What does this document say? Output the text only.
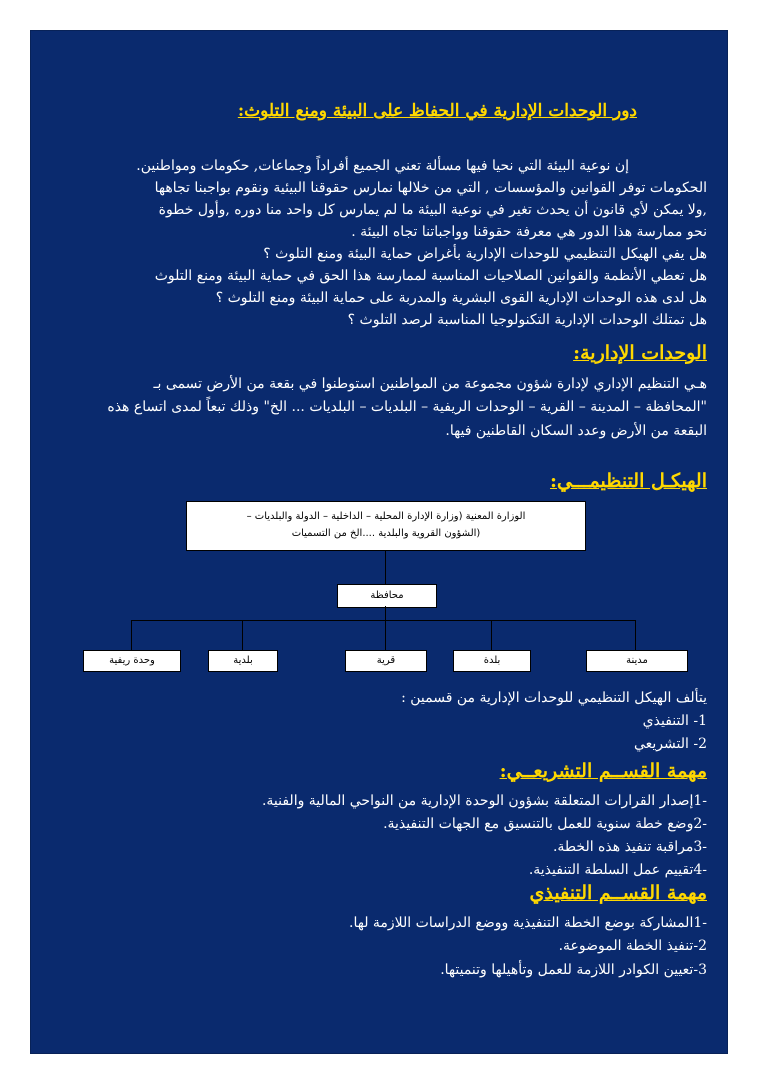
دور الوحدات الإدارية في الحفاظ على البيئة ومنع التلوث:
إن نوعية البيئة التي نحيا فيها مسألة تعني الجميع أفراداً وجماعات, حكومات ومواطنين.
الحكومات توفر القوانين والمؤسسات , التي من خلالها نمارس حقوقنا البيئية ونقوم بواجبنا تجاهها
,ولا يمكن لأي قانون أن يحدث تغير في نوعية البيئة ما لم يمارس كل واحد منا دوره ,وأول خطوة
نحو ممارسة هذا الدور هي معرفة حقوقنا وواجباتنا تجاه البيئة .
هل يفي الهيكل التنظيمي للوحدات الإدارية بأغراض حماية البيئة ومنع التلوث ؟
هل تعطي الأنظمة والقوانين الصلاحيات المناسبة لممارسة هذا الحق في حماية البيئة ومنع التلوث
هل لدى هذه الوحدات الإدارية القوى البشرية والمدربة على حماية البيئة ومنع التلوث ؟
هل تمتلك الوحدات الإدارية التكنولوجيا المناسبة لرصد التلوث ؟
الوحدات الإدارية:
هـي التنظيم الإداري لإدارة شؤون مجموعة من المواطنين استوطنوا في بقعة من الأرض تسمى بـ
"المحافظة – المدينة – القرية – الوحدات الريفية – البلديات – البلديات ... الخ" وذلك تبعاً لمدى اتساع هذه
البقعة من الأرض وعدد السكان القاطنين فيها.
الهيكـل التنظيمـــي:
الوزارة المعنية (وزارة الإدارة المحلية – الداخلية – الدولة والبلديات –
(الشؤون القروية والبلدية ....الخ من التسميات
محافظة
مدينة
بلدة
قرية
بلدية
وحدة ريفية
يتألف الهيكل التنظيمي للوحدات الإدارية من قسمين :
1- التنفيذي
2- التشريعي
مهمة القســم التشريعــي:
-1إصدار القرارات المتعلقة بشؤون الوحدة الإدارية من النواحي المالية والفنية.
-2وضع خطة سنوية للعمل بالتنسيق مع الجهات التنفيذية.
-3مراقبة تنفيذ هذه الخطة.
-4تقييم عمل السلطة التنفيذية.
مهمة القســم التنفيذي
-1المشاركة بوضع الخطة التنفيذية ووضع الدراسات اللازمة لها.
2-تنفيذ الخطة الموضوعة.
3-تعيين الكوادر اللازمة للعمل وتأهيلها وتنميتها.
